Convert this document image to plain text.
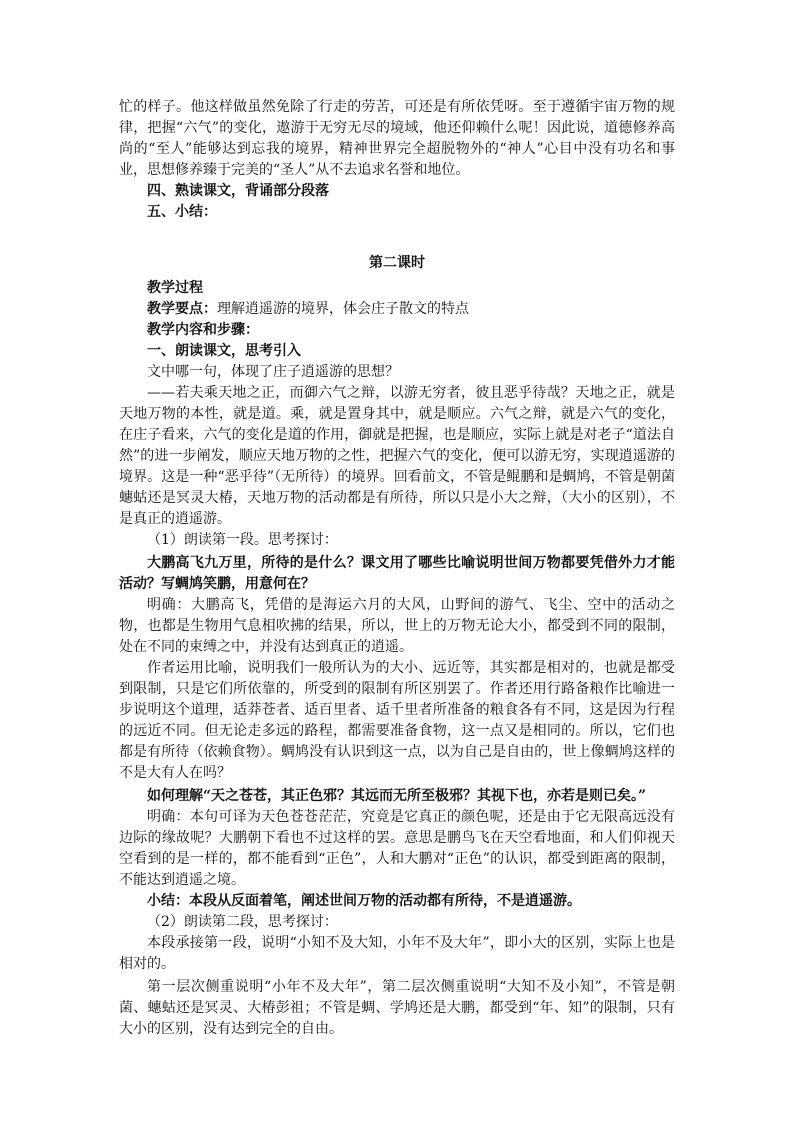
忙的样子。他这样做虽然免除了行走的劳苦，可还是有所依凭呀。至于遵循宇宙万物的规律，把握“六气”的变化，遨游于无穷无尽的境域，他还仰赖什么呢！因此说，道德修养高尚的“至人”能够达到忘我的境界，精神世界完全超脱物外的“神人”心目中没有功名和事业，思想修养臻于完美的“圣人”从不去追求名誉和地位。

四、熟读课文，背诵部分段落

五、小结：

第二课时

教学过程

教学要点：理解逍遥游的境界，体会庄子散文的特点

教学内容和步骤：

一、朗读课文，思考引入

文中哪一句，体现了庄子逍遥游的思想？

——若夫乘天地之正，而御六气之辩，以游无穷者，彼且恶乎待哉？天地之正，就是天地万物的本性，就是道。乘，就是置身其中，就是顺应。六气之辩，就是六气的变化，在庄子看来，六气的变化是道的作用，御就是把握，也是顺应，实际上就是对老子“道法自然”的进一步阐发，顺应天地万物的之性，把握六气的变化，便可以游无穷，实现逍遥游的境界。这是一种“恶乎待”（无所待）的境界。回看前文，不管是鲲鹏和是蜩鸠，不管是朝菌蟪蛄还是冥灵大椿，天地万物的活动都是有所待，所以只是小大之辩，（大小的区别），不是真正的逍遥游。

（1）朗读第一段。思考探讨：

大鹏高飞九万里，所待的是什么？课文用了哪些比喻说明世间万物都要凭借外力才能活动？写蜩鸠笑鹏，用意何在？

明确：大鹏高飞，凭借的是海运六月的大风，山野间的游气、飞尘、空中的活动之物，也都是生物用气息相吹拂的结果，所以，世上的万物无论大小，都受到不同的限制，处在不同的束缚之中，并没有达到真正的逍遥。

作者运用比喻，说明我们一般所认为的大小、远近等，其实都是相对的，也就是都受到限制，只是它们所依靠的，所受到的限制有所区别罢了。作者还用行路备粮作比喻进一步说明这个道理，适莽苍者、适百里者、适千里者所准备的粮食各有不同，这是因为行程的远近不同。但无论走多远的路程，都需要准备食物，这一点又是相同的。所以，它们也都是有所待（依赖食物）。蜩鸠没有认识到这一点，以为自己是自由的，世上像蜩鸠这样的不是大有人在吗？

如何理解“天之苍苍，其正色邪？其远而无所至极邪？其视下也，亦若是则已矣。”

明确：本句可译为天色苍苍茫茫，究竟是它真正的颜色呢，还是由于它无限高远没有边际的缘故呢？大鹏朝下看也不过这样的罢。意思是鹏鸟飞在天空看地面，和人们仰视天空看到的是一样的，都不能看到“正色”，人和大鹏对“正色”的认识，都受到距离的限制，不能达到逍遥之境。

小结：本段从反面着笔，阐述世间万物的活动都有所待，不是逍遥游。

（2）朗读第二段，思考探讨：

本段承接第一段，说明“小知不及大知，小年不及大年”，即小大的区别，实际上也是相对的。

第一层次侧重说明“小年不及大年”，第二层次侧重说明“大知不及小知”，不管是朝菌、蟪蛄还是冥灵、大椿彭祖；不管是蜩、学鸠还是大鹏，都受到“年、知”的限制，只有大小的区别，没有达到完全的自由。
